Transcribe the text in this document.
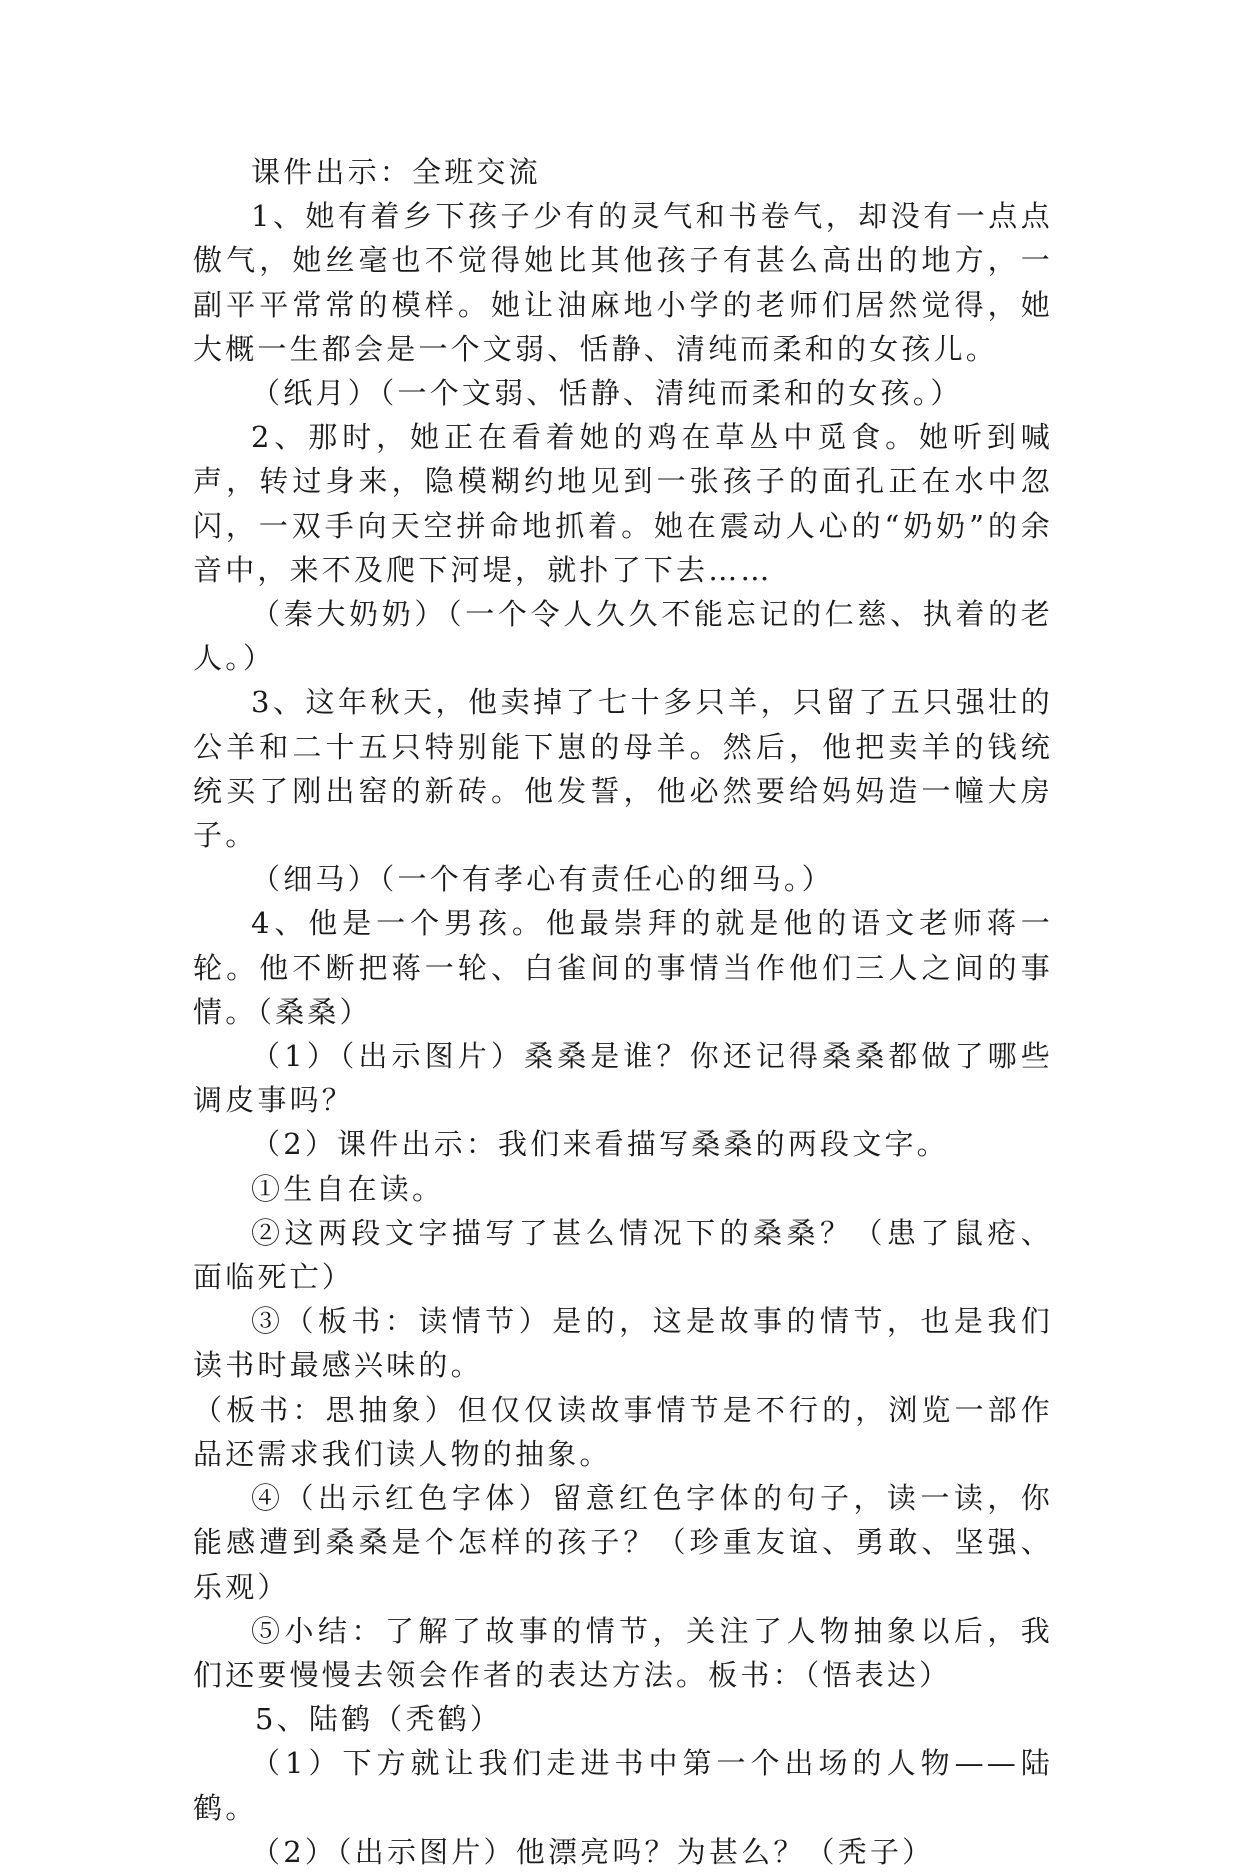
课件出示：全班交流

1、她有着乡下孩子少有的灵气和书卷气，却没有一点点傲气，她丝毫也不觉得她比其他孩子有甚么高出的地方，一副平平常常的模样。她让油麻地小学的老师们居然觉得，她大概一生都会是一个文弱、恬静、清纯而柔和的女孩儿。

（纸月）（一个文弱、恬静、清纯而柔和的女孩。）

2、那时，她正在看着她的鸡在草丛中觅食。她听到喊声，转过身来，隐模糊约地见到一张孩子的面孔正在水中忽闪，一双手向天空拼命地抓着。她在震动人心的“奶奶”的余音中，来不及爬下河堤，就扑了下去……

（秦大奶奶）（一个令人久久不能忘记的仁慈、执着的老人。）

3、这年秋天，他卖掉了七十多只羊，只留了五只强壮的公羊和二十五只特别能下崽的母羊。然后，他把卖羊的钱统统买了刚出窑的新砖。他发誓，他必然要给妈妈造一幢大房子。

（细马）（一个有孝心有责任心的细马。）

4、他是一个男孩。他最崇拜的就是他的语文老师蒋一轮。他不断把蒋一轮、白雀间的事情当作他们三人之间的事情。（桑桑）

（1）（出示图片）桑桑是谁？你还记得桑桑都做了哪些调皮事吗？

（2）课件出示：我们来看描写桑桑的两段文字。

①生自在读。

②这两段文字描写了甚么情况下的桑桑？（患了鼠疮、面临死亡）

③（板书：读情节）是的，这是故事的情节，也是我们读书时最感兴味的。

（板书：思抽象）但仅仅读故事情节是不行的，浏览一部作品还需求我们读人物的抽象。

④（出示红色字体）留意红色字体的句子，读一读，你能感遭到桑桑是个怎样的孩子？（珍重友谊、勇敢、坚强、乐观）

⑤小结：了解了故事的情节，关注了人物抽象以后，我们还要慢慢去领会作者的表达方法。板书：（悟表达）

5、陆鹤（秃鹤）

（1）下方就让我们走进书中第一个出场的人物——陆鹤。

（2）（出示图片）他漂亮吗？为甚么？（秃子）
